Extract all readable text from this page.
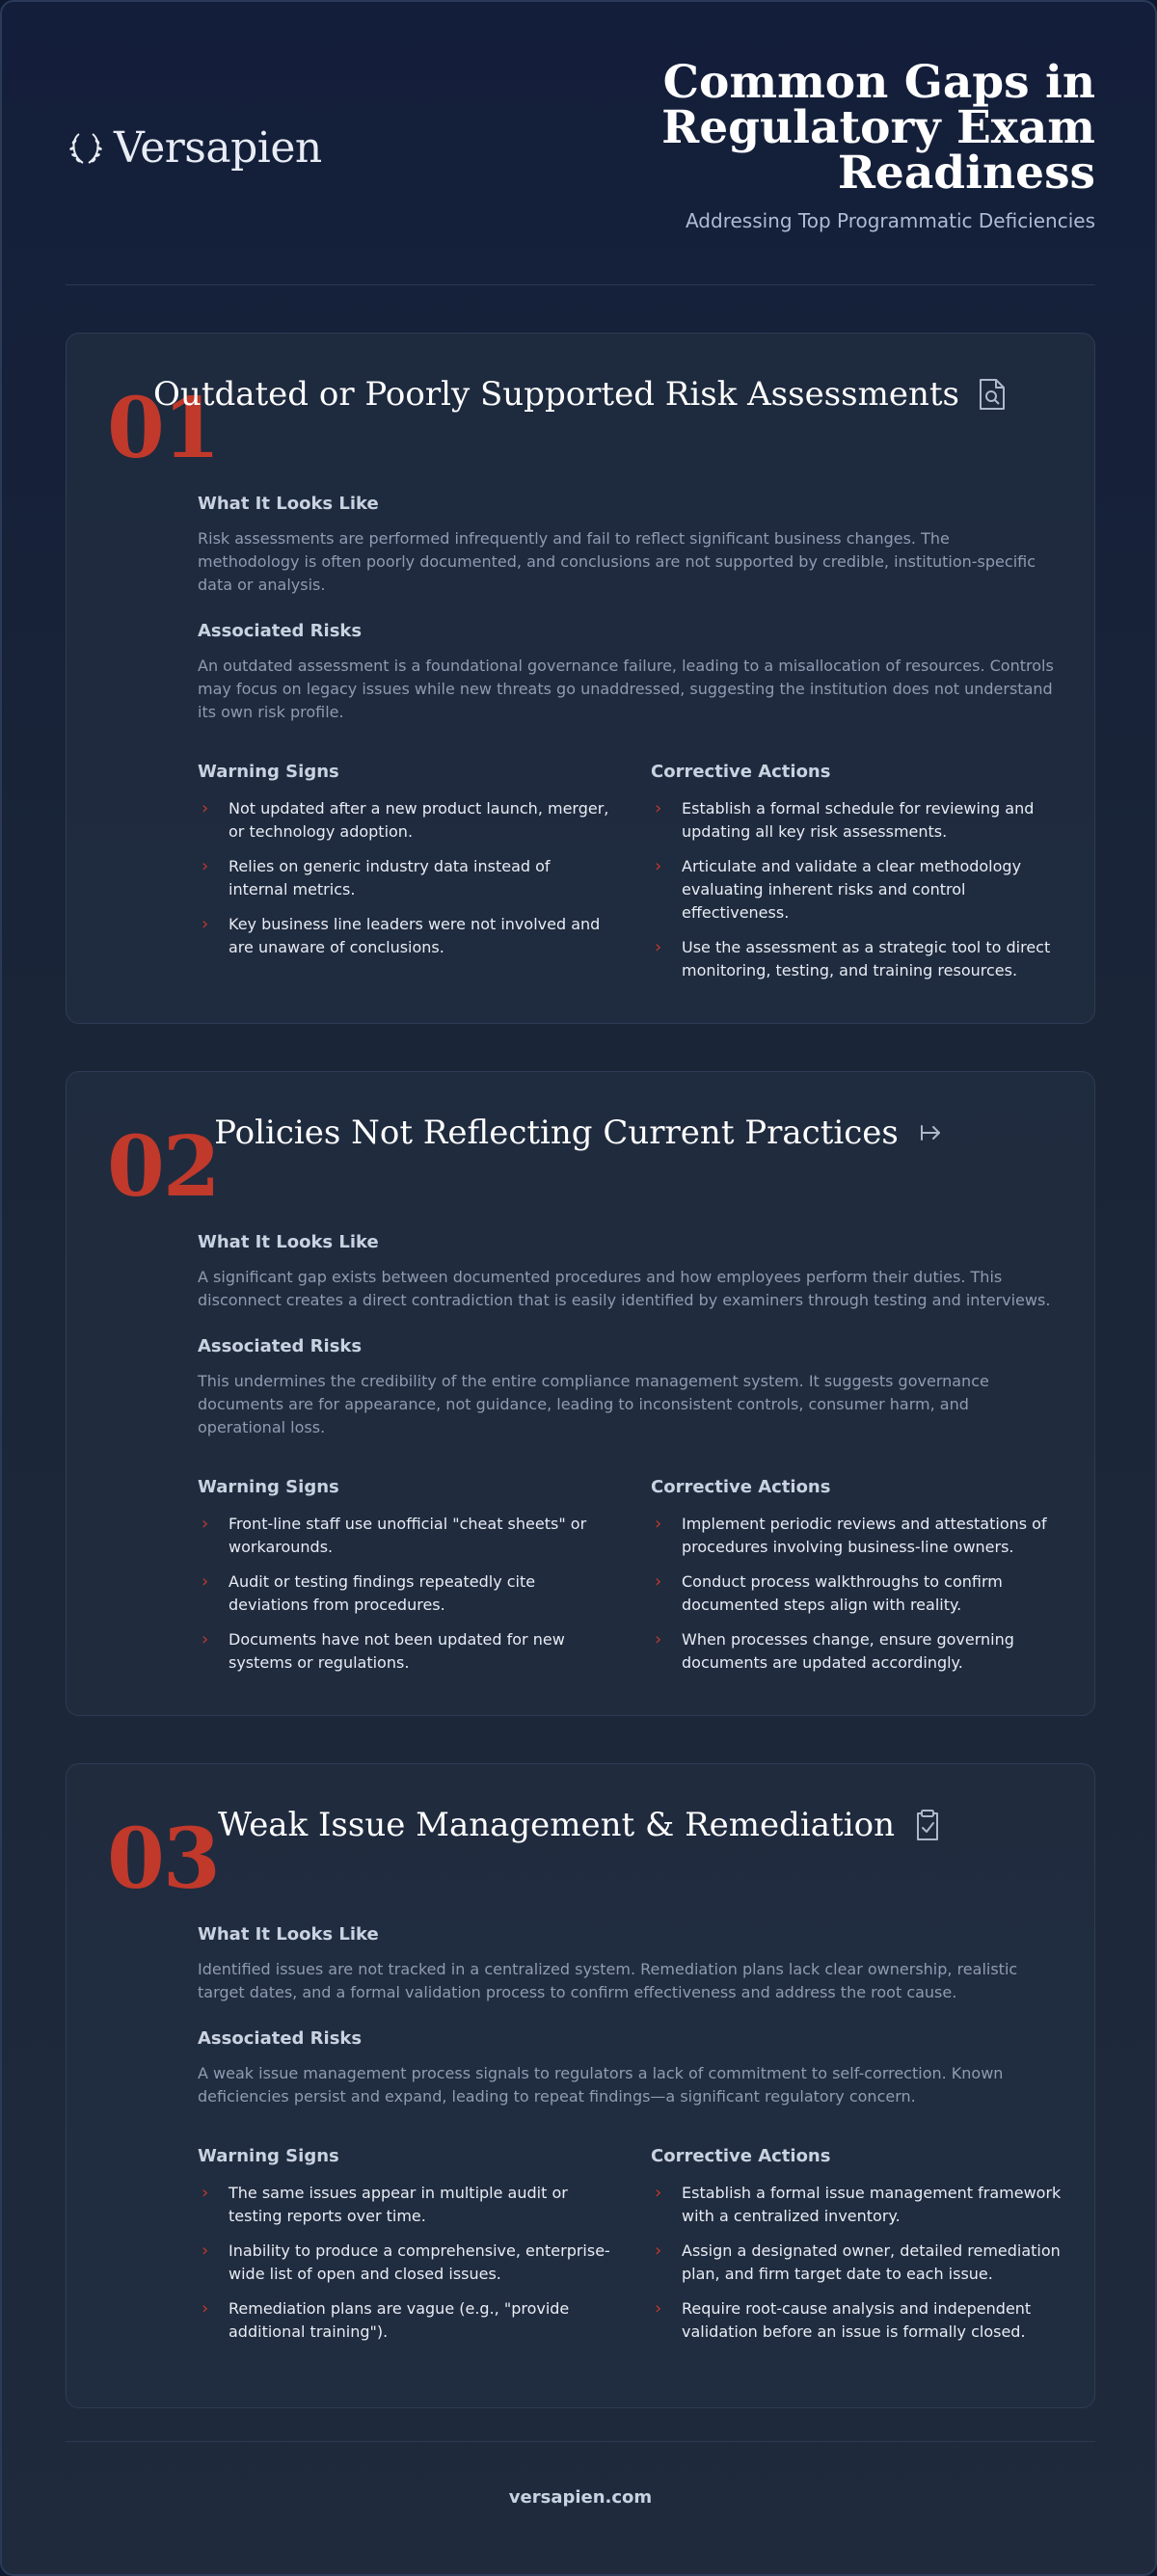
Versapien
Common Gaps in
Regulatory Exam
Readiness
Addressing Top Programmatic Deficiencies
01
Outdated or Poorly Supported Risk Assessments
What It Looks Like
Risk assessments are performed infrequently and fail to reflect significant business changes. The methodology is often poorly documented, and conclusions are not supported by credible, institution-specific data or analysis.
Associated Risks
An outdated assessment is a foundational governance failure, leading to a misallocation of resources. Controls may focus on legacy issues while new threats go unaddressed, suggesting the institution does not understand its own risk profile.
Warning Signs
› Not updated after a new product launch, merger, or technology adoption.
› Relies on generic industry data instead of internal metrics.
› Key business line leaders were not involved and are unaware of conclusions.
Corrective Actions
› Establish a formal schedule for reviewing and updating all key risk assessments.
› Articulate and validate a clear methodology evaluating inherent risks and control effectiveness.
› Use the assessment as a strategic tool to direct monitoring, testing, and training resources.
02
Policies Not Reflecting Current Practices
What It Looks Like
A significant gap exists between documented procedures and how employees perform their duties. This disconnect creates a direct contradiction that is easily identified by examiners through testing and interviews.
Associated Risks
This undermines the credibility of the entire compliance management system. It suggests governance documents are for appearance, not guidance, leading to inconsistent controls, consumer harm, and operational loss.
Warning Signs
› Front-line staff use unofficial "cheat sheets" or workarounds.
› Audit or testing findings repeatedly cite deviations from procedures.
› Documents have not been updated for new systems or regulations.
Corrective Actions
› Implement periodic reviews and attestations of procedures involving business-line owners.
› Conduct process walkthroughs to confirm documented steps align with reality.
› When processes change, ensure governing documents are updated accordingly.
03 Weak Issue Management & Remediation
What It Looks Like
Identified issues are not tracked in a centralized system. Remediation plans lack clear ownership, realistic target dates, and a formal validation process to confirm effectiveness and address the root cause.
Associated Risks
A weak issue management process signals to regulators a lack of commitment to self-correction. Known deficiencies persist and expand, leading to repeat findings—a significant regulatory concern.
Warning Signs
› The same issues appear in multiple audit or testing reports over time.
› Inability to produce a comprehensive, enterprise-wide list of open and closed issues.
› Remediation plans are vague (e.g., "provide additional training").
Corrective Actions
› Establish a formal issue management framework with a centralized inventory.
› Assign a designated owner, detailed remediation plan, and firm target date to each issue.
› Require root-cause analysis and independent validation before an issue is formally closed.
versapien.com
